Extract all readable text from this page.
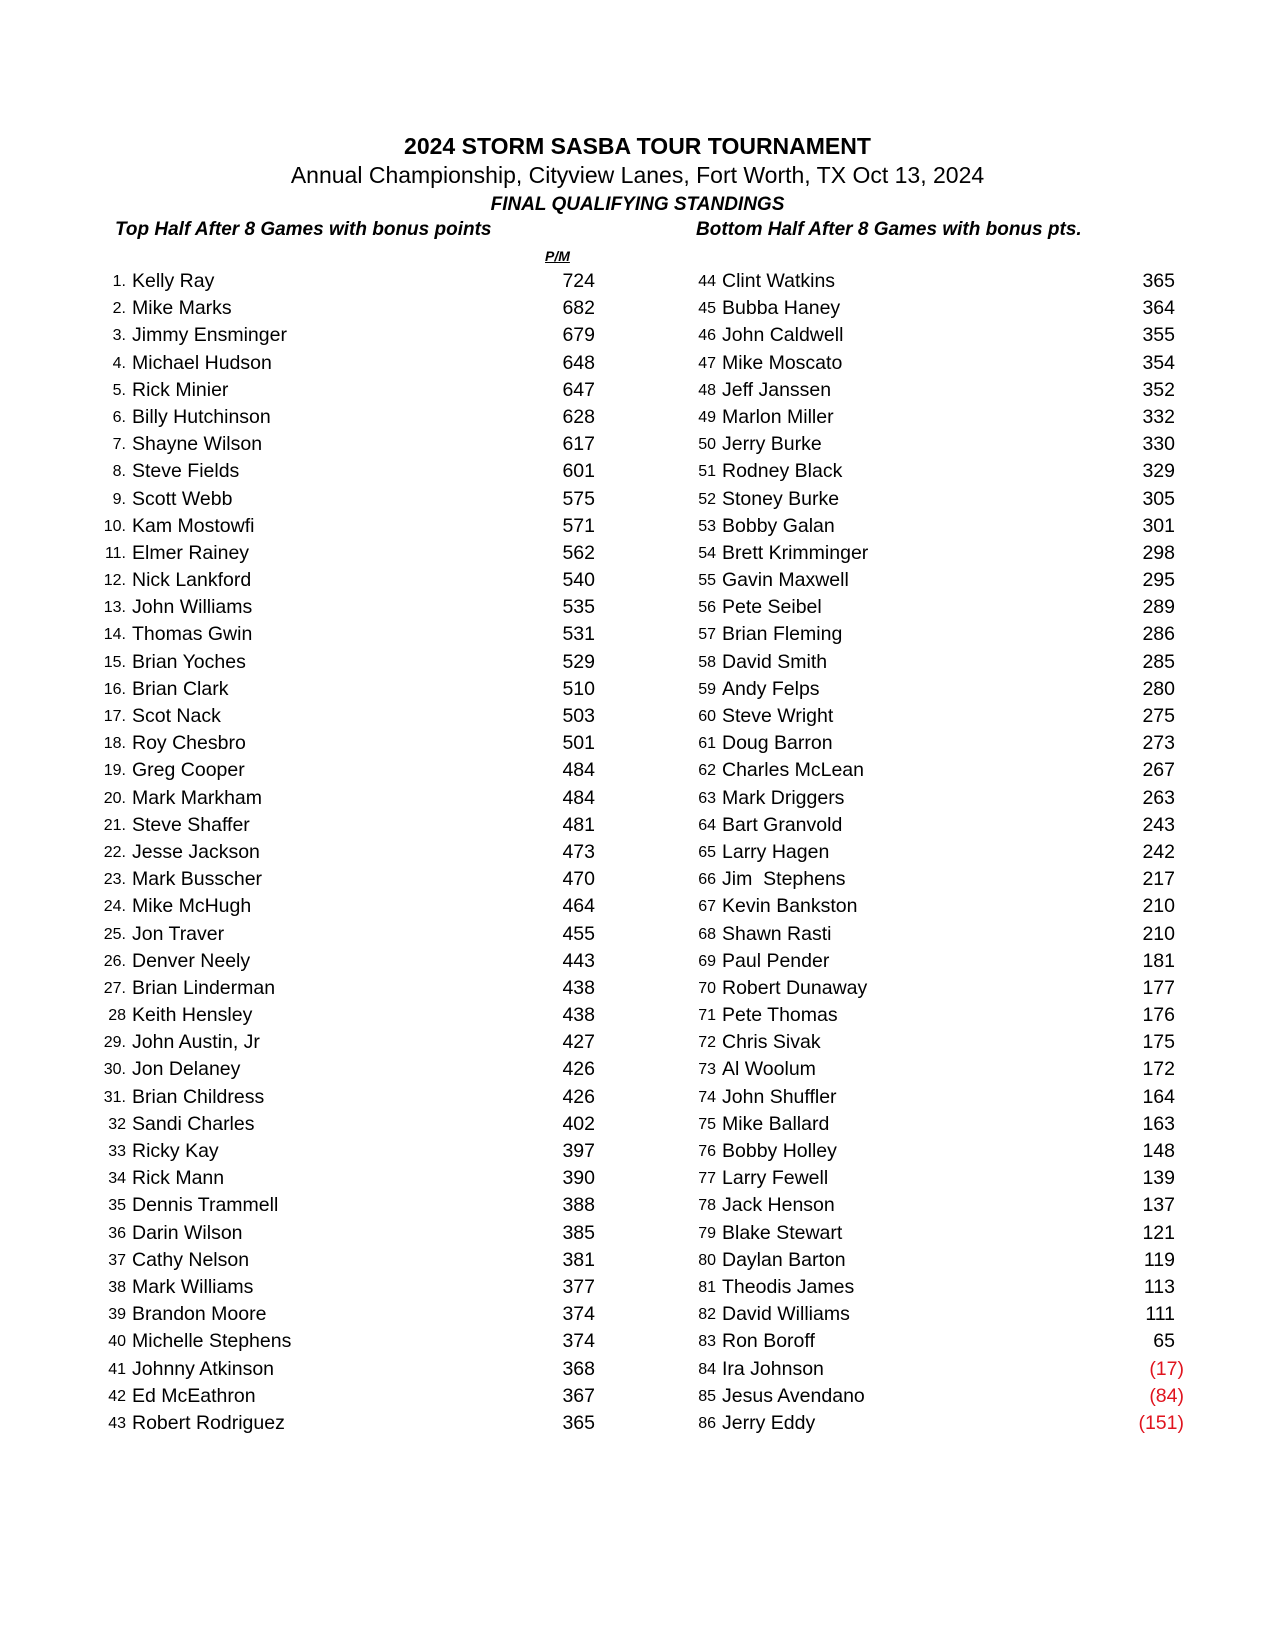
2024 STORM SASBA TOUR TOURNAMENT
Annual Championship, Cityview Lanes, Fort Worth, TX Oct 13, 2024
FINAL QUALIFYING STANDINGS
Top Half After 8 Games with bonus points	Bottom Half After 8 Games with bonus pts.
P/M
1. Kelly Ray	724
2. Mike Marks	682
3. Jimmy Ensminger	679
4. Michael Hudson	648
5. Rick Minier	647
6. Billy Hutchinson	628
7. Shayne Wilson	617
8. Steve Fields	601
9. Scott Webb	575
10. Kam Mostowfi	571
11. Elmer Rainey	562
12. Nick Lankford	540
13. John Williams	535
14. Thomas Gwin	531
15. Brian Yoches	529
16. Brian Clark	510
17. Scot Nack	503
18. Roy Chesbro	501
19. Greg Cooper	484
20. Mark Markham	484
21. Steve Shaffer	481
22. Jesse Jackson	473
23. Mark Busscher	470
24. Mike McHugh	464
25. Jon Traver	455
26. Denver Neely	443
27. Brian Linderman	438
28 Keith Hensley	438
29. John Austin, Jr	427
30. Jon Delaney	426
31. Brian Childress	426
32 Sandi Charles	402
33 Ricky Kay	397
34 Rick Mann	390
35 Dennis Trammell	388
36 Darin Wilson	385
37 Cathy Nelson	381
38 Mark Williams	377
39 Brandon Moore	374
40 Michelle Stephens	374
41 Johnny Atkinson	368
42 Ed McEathron	367
43 Robert Rodriguez	365
44 Clint Watkins	365
45 Bubba Haney	364
46 John Caldwell	355
47 Mike Moscato	354
48 Jeff Janssen	352
49 Marlon Miller	332
50 Jerry Burke	330
51 Rodney Black	329
52 Stoney Burke	305
53 Bobby Galan	301
54 Brett Krimminger	298
55 Gavin Maxwell	295
56 Pete Seibel	289
57 Brian Fleming	286
58 David Smith	285
59 Andy Felps	280
60 Steve Wright	275
61 Doug Barron	273
62 Charles McLean	267
63 Mark Driggers	263
64 Bart Granvold	243
65 Larry Hagen	242
66 Jim  Stephens	217
67 Kevin Bankston	210
68 Shawn Rasti	210
69 Paul Pender	181
70 Robert Dunaway	177
71 Pete Thomas	176
72 Chris Sivak	175
73 Al Woolum	172
74 John Shuffler	164
75 Mike Ballard	163
76 Bobby Holley	148
77 Larry Fewell	139
78 Jack Henson	137
79 Blake Stewart	121
80 Daylan Barton	119
81 Theodis James	113
82 David Williams	111
83 Ron Boroff	65
84 Ira Johnson	(17)
85 Jesus Avendano	(84)
86 Jerry Eddy	(151)
